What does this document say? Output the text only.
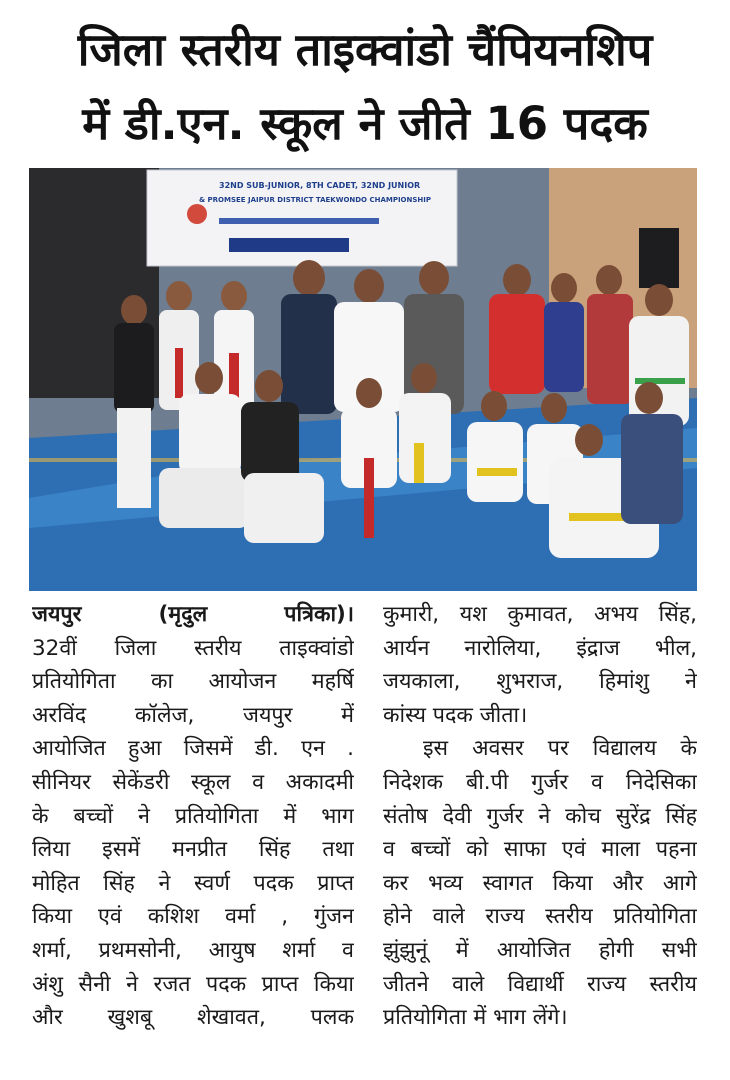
जिला स्तरीय ताइक्वांडो चैंपियनशिप
में डी.एन. स्कूल ने जीते 16 पदक
32ND SUB-JUNIOR, 8TH CADET, 32ND JUNIOR
& PROMSEE JAIPUR DISTRICT TAEKWONDO CHAMPIONSHIP
जयपुर (मृदुल पत्रिका)।
32वीं जिला स्तरीय ताइक्वांडो
प्रतियोगिता का आयोजन महर्षि
अरविंद कॉलेज, जयपुर में
आयोजित हुआ जिसमें डी. एन .
सीनियर सेकेंडरी स्कूल व अकादमी
के बच्चों ने प्रतियोगिता में भाग
लिया इसमें मनप्रीत सिंह तथा
मोहित सिंह ने स्वर्ण पदक प्राप्त
किया एवं कशिश वर्मा , गुंजन
शर्मा, प्रथमसोनी, आयुष शर्मा व
अंशु सैनी ने रजत पदक प्राप्त किया
और खुशबू शेखावत, पलक
कुमारी, यश कुमावत, अभय सिंह,
आर्यन नारोलिया, इंद्राज भील,
जयकाला, शुभराज, हिमांशु ने
कांस्य पदक जीता।
इस अवसर पर विद्यालय के
निदेशक बी.पी गुर्जर व निदेसिका
संतोष देवी गुर्जर ने कोच सुरेंद्र सिंह
व बच्चों को साफा एवं माला पहना
कर भव्य स्वागत किया और आगे
होने वाले राज्य स्तरीय प्रतियोगिता
झुंझुनूं में आयोजित होगी सभी
जीतने वाले विद्यार्थी राज्य स्तरीय
प्रतियोगिता में भाग लेंगे।
